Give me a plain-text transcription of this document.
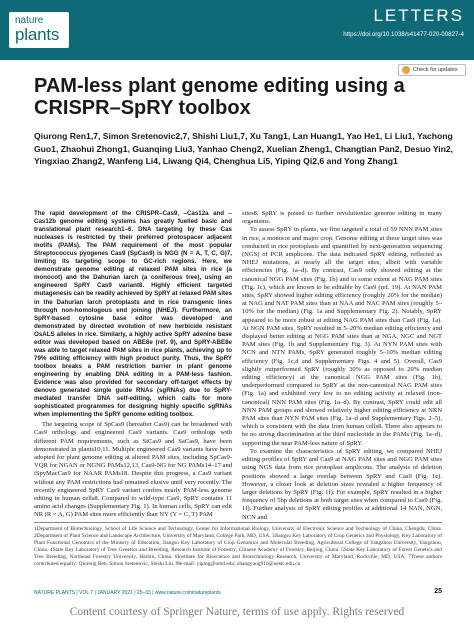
nature
plants
LETTERS
https://doi.org/10.1038/s41477-020-00827-4
Check for updates
PAM-less plant genome editing using a CRISPR–SpRY toolbox
Qiurong Ren1,7, Simon Sretenovic2,7, Shishi Liu1,7, Xu Tang1, Lan Huang1, Yao He1, Li Liu1, Yachong Guo1, Zhaohui Zhong1, Guanqing Liu3, Yanhao Cheng2, Xuelian Zheng1, Changtian Pan2, Desuo Yin2, Yingxiao Zhang2, Wanfeng Li4, Liwang Qi4, Chenghua Li5, Yiping Qi2,6 and Yong Zhang1

The rapid development of the CRISPR–Cas9, –Cas12a and –Cas12b genome editing systems has greatly fuelled basic and translational plant research1–6. DNA targeting by these Cas nucleases is restricted by their preferred protospacer adjacent motifs (PAMs). The PAM requirement of the most popular Streptococcus pyogenes Cas9 (SpCas9) is NGG (N = A, T, C, G)7, limiting its targeting scope to GC-rich regions. Here, we demonstrate genome editing at relaxed PAM sites in rice (a monocot) and the Dahurian larch (a coniferous tree), using an engineered SpRY Cas9 variant8. Highly efficient targeted mutagenesis can be readily achieved by SpRY at relaxed PAM sites in the Dahurian larch protoplasts and in rice transgenic lines through non-homologous end joining (NHEJ). Furthermore, an SpRY-based cytosine base editor was developed and demonstrated by directed evolution of new herbicide resistant OsALS alleles in rice. Similarly, a highly active SpRY adenine base editor was developed based on ABE8e (ref. 9), and SpRY-ABE8e was able to target relaxed PAM sites in rice plants, achieving up to 79% editing efficiency with high product purity. Thus, the SpRY toolbox breaks a PAM restriction barrier in plant genome engineering by enabling DNA editing in a PAM-less fashion. Evidence was also provided for secondary off-target effects by denovo generated single guide RNAs (sgRNAs) due to SpRY-mediated transfer DNA self-editing, which calls for more sophisticated programmes for designing highly specific sgRNAs when implementing the SpRY genome editing toolbox.

The targeting scope of SpCas9 (hereafter Cas9) can be broadened with Cas9 orthologs and engineered Cas9 variants. Cas9 orthologs with different PAM requirements, such as StCas9 and SaCas9, have been demonstrated in plants10,11. Multiple engineered Cas9 variants have been adopted for plant genome editing at altered PAM sites, including SpCas9-VQR for NGAN or NGNG PAMs12,13, Cas9-NG for NG PAMs14–17 and iSpyMacCas9 for NAAR PAMs18. Despite this progress, a Cas9 variant without any PAM restrictions had remained elusive until very recently. The recently engineered SpRY Cas9 variant confers nearly PAM-less genome editing in human cells8. Compared to wild-type Cas9, SpRY contains 11 amino acid changes (Supplementary Fig. 1). In human cells, SpRY can edit NR (R = A, G) PAM sites more efficiently than NY (Y = C, T) PAM

sites8. SpRY is poised to further revolutionize genome editing in many organisms.

To assess SpRY in plants, we first targeted a total of 59 NNN PAM sites in rice, a monocot and major crop. Genome editing at these target sites was conducted in rice protoplasts and quantified by next-generation sequencing (NGS) of PCR amplicons. The data indicated SpRY editing, reflected as NHEJ mutations, at nearly all the target sites, albeit with variable efficiencies (Fig. 1a–d). By contrast, Cas9 only showed editing at the canonical NGG PAM sites (Fig. 1b) and to some extent at NAG PAM sites (Fig. 1c), which are known to be editable by Cas9 (ref. 19). At NAN PAM sites, SpRY showed higher editing efficiency (roughly 20% for the median) at NAG and NAT PAM sites than at NAA and NAC PAM sites (roughly 5–10% for the median) (Fig. 1a and Supplementary Fig. 2). Notably, SpRY appeared to be more robust at editing NAG PAM sites than Cas9 (Fig. 1a). At NGN PAM sites, SpRY resulted in 5–20% median editing efficiency and displayed better editing at NGG PAM sites than at NGA, NGC and NGT PAM sites (Fig. 1b and Supplementary Fig. 3). At NYN PAM sites with NCN and NTN PAMs, SpRY generated roughly 5–10% median editing efficiency (Fig. 1c,d and Supplementary Figs. 4 and 5). Overall, Cas9 slightly outperformed SpRY (roughly 30% as opposed to 20% median editing efficiency) at the canonical NGG PAM sites (Fig. 1b), underperformed compared to SpRY at the non-canonical NAG PAM sites (Fig. 1a) and exhibited very low to no editing activity at relaxed (non-canonical) NNN PAM sites (Fig. 1a–d). By contrast, SpRY could edit all NNN PAM groups and showed relatively higher editing efficiency at NRN PAM sites than NYN PAM sites (Fig. 1a–d and Supplementary Figs. 2–5), which is consistent with the data from human cells8. There also appears to be no strong discrimination at the third nucleotide in the PAMs (Fig. 1a–d), supporting the near PAM-less nature of SpRY.

To examine the characteristics of SpRY editing, we compared NHEJ editing profiles of SpRY and Cas9 at NAG PAM sites and NGG PAM sites using NGS data from rice protoplast amplicons. The analysis of deletion positions showed a large overlap between SpRY and Cas9 (Fig. 1e). However, a closer look at deletion sizes revealed a higher frequency of larger deletions by SpRY (Fig. 1f). For example, SpRY resulted in a higher frequency of 5bp deletions at both target sites when compared to Cas9 (Fig. 1f). Further analysis of SpRY editing profiles at additional 14 NAN, NGN, NCN and

1Department of Biotechnology, School of Life Science and Technology, Center for Informational Biology, University of Electronic Science and Technology of China, Chengdu, China. 2Department of Plant Science and Landscape Architecture, University of Maryland, College Park, MD, USA. 3Jiangsu Key Laboratory of Crop Genetics and Physiology, Key Laboratory of Plant Functional Genomics of the Ministry of Education, Jiangsu Key Laboratory of Crop Genomics and Molecular Breeding, Agricultural College of Yangzhou University, Yangzhou, China. 4State Key Laboratory of Tree Genetics and Breeding, Research Institute of Forestry, Chinese Academy of Forestry, Beijing, China. 5State Key Laboratory of Forest Genetics and Tree Breeding, Northeast Forestry University, Harbin, China. 6Institute for Bioscience and Biotechnology Research, University of Maryland, Rockville, MD, USA. 7These authors contributed equally: Qiurong Ren, Simon Sretenovic, Shishi Liu. ✉e-mail: yiping@umd.edu; zhangyong916@uestc.edu.cn
NATURE PLANTS | VOL 7 | JANUARY 2021 | 25–33 | www.nature.com/natureplants	25
Content courtesy of Springer Nature, terms of use apply. Rights reserved
